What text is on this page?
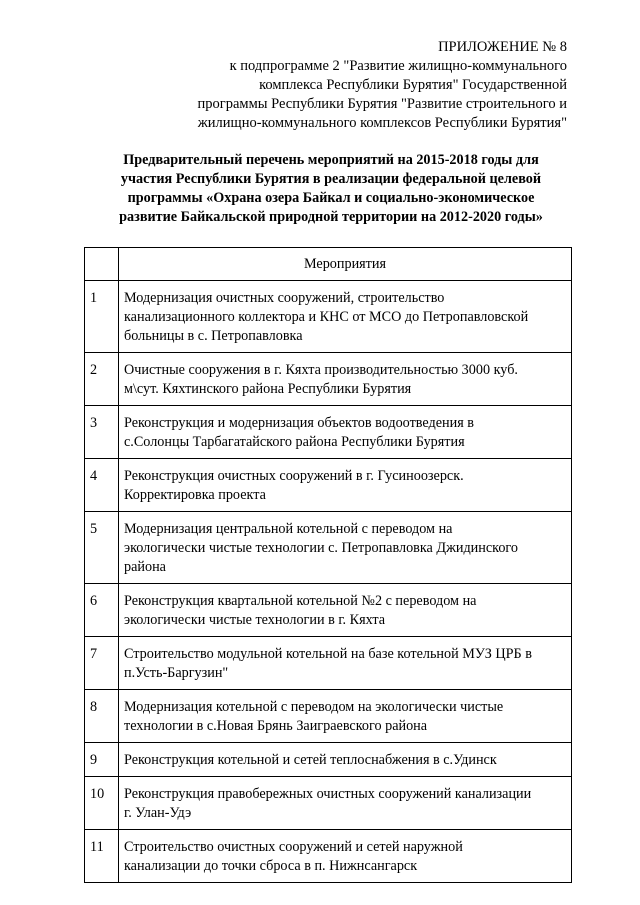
ПРИЛОЖЕНИЕ № 8
к подпрограмме 2 "Развитие жилищно-коммунального
комплекса Республики Бурятия" Государственной
программы Республики Бурятия "Развитие строительного и
жилищно-коммунального комплексов Республики Бурятия"
Предварительный перечень мероприятий на 2015-2018 годы для
участия Республики Бурятия в реализации федеральной целевой
программы «Охрана озера Байкал и социально-экономическое
развитие Байкальской природной территории на 2012-2020 годы»
	Мероприятия
1	Модернизация очистных сооружений, строительство
канализационного коллектора и КНС от МСО до Петропавловской
больницы в с. Петропавловка

2	Очистные сооружения в г. Кяхта производительностью 3000 куб.
м\сут. Кяхтинского района Республики Бурятия

3	Реконструкция и модернизация объектов водоотведения в
с.Солонцы Тарбагатайского района Республики Бурятия

4	Реконструкция очистных сооружений в г. Гусиноозерск.
Корректировка проекта

5	Модернизация центральной котельной с переводом на
экологически чистые технологии с. Петропавловка Джидинского
района

6	Реконструкция квартальной котельной №2 с переводом на
экологически чистые технологии в г. Кяхта

7	Строительство модульной котельной на базе котельной МУЗ ЦРБ в
п.Усть-Баргузин"

8	Модернизация котельной с переводом на экологически чистые
технологии в с.Новая Брянь Заиграевского района

9	Реконструкция котельной и сетей теплоснабжения в с.Удинск

10	Реконструкция правобережных очистных сооружений канализации
г. Улан-Удэ

11	Строительство очистных сооружений и сетей наружной
канализации до точки сброса в п. Нижнсангарск
